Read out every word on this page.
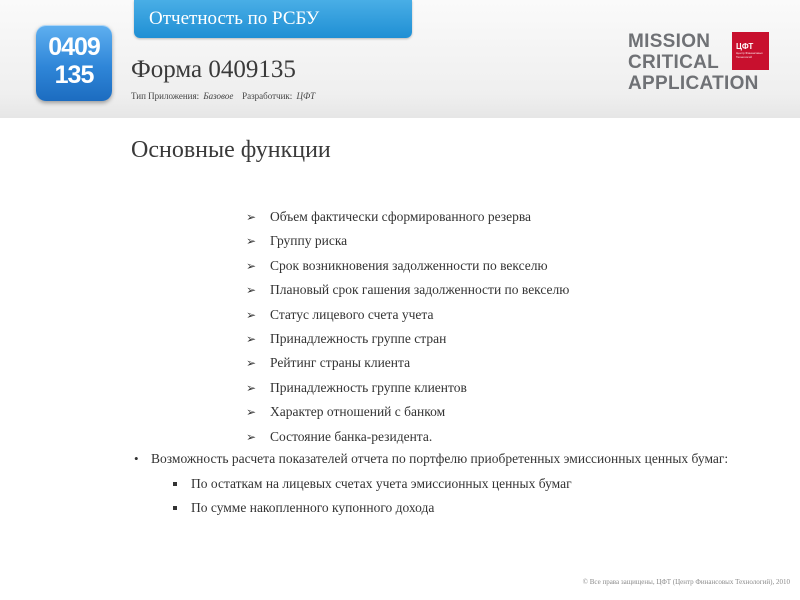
Отчетность по РСБУ
0409
135	Форма 0409135
Тип Приложения: Базовое Разработчик: ЦФТ
MISSION
CRITICAL
APPLICATION
ЦФТ
Центр Финансовых Технологий
Основные функции
➢ Объем фактически сформированного резерва
➢ Группу риска
➢ Срок возникновения задолженности по векселю
➢ Плановый срок гашения задолженности по векселю
➢ Статус лицевого счета учета
➢ Принадлежность группе стран
➢ Рейтинг страны клиента
➢ Принадлежность группе клиентов
➢ Характер отношений с банком
➢ Состояние банка-резидента.
• Возможность расчета показателей отчета по портфелю приобретенных эмиссионных ценных бумаг:
По остаткам на лицевых счетах учета эмиссионных ценных бумаг
По сумме накопленного купонного дохода
© Все права защищены, ЦФТ (Центр Финансовых Технологий), 2010
